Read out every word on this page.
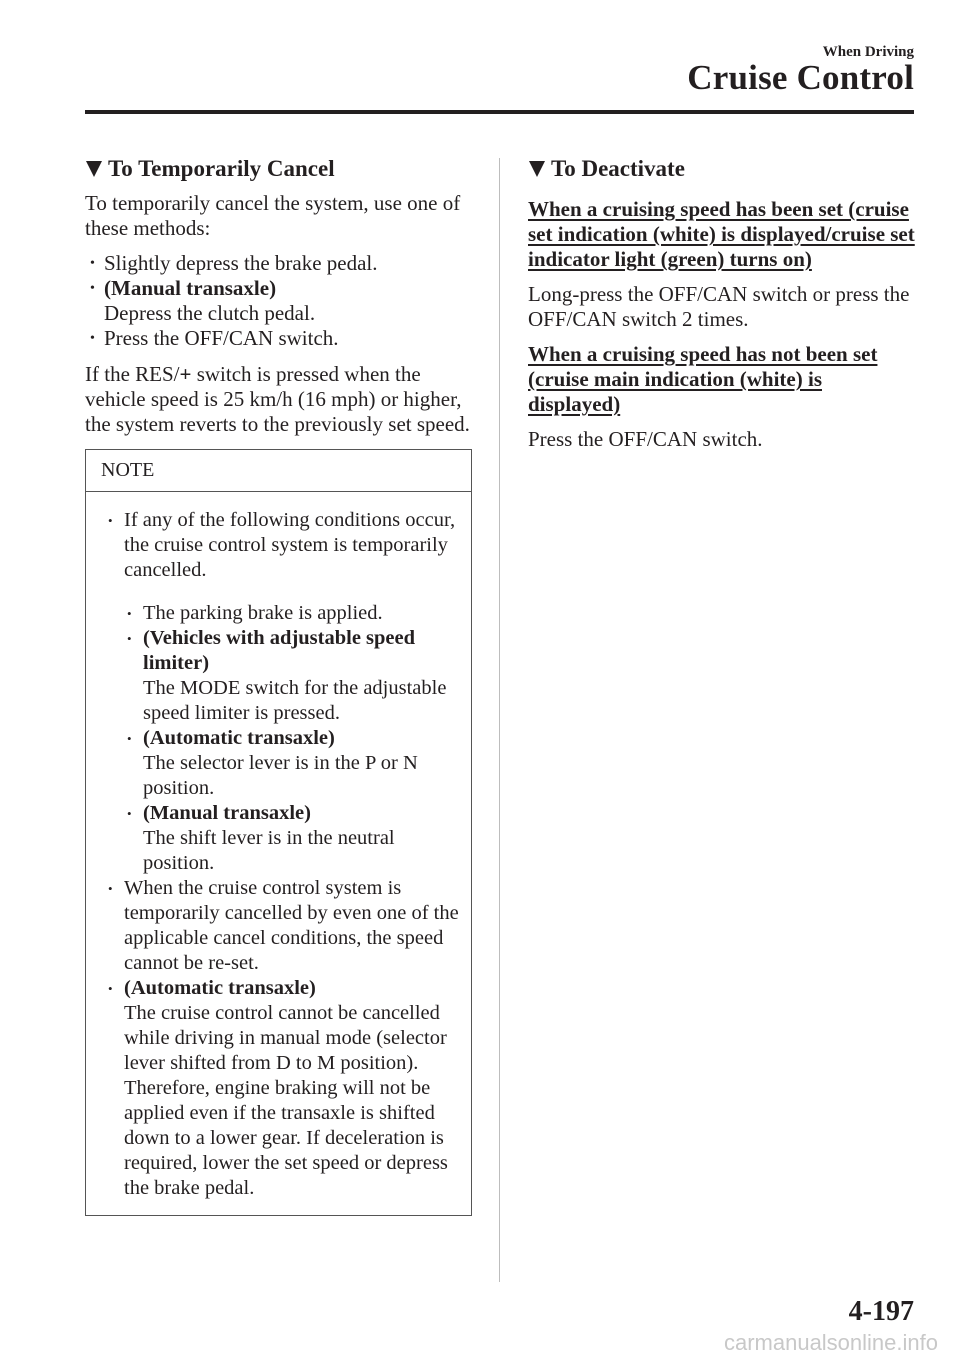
When Driving
Cruise Control
To Temporarily Cancel

To temporarily cancel the system, use one of these methods:

• Slightly depress the brake pedal.
• (Manual transaxle)
Depress the clutch pedal.
• Press the OFF/CAN switch.

If the RES/+ switch is pressed when the vehicle speed is 25 km/h (16 mph) or higher, the system reverts to the previously set speed.

NOTE
• If any of the following conditions occur, the cruise control system is temporarily cancelled.
• The parking brake is applied.
• (Vehicles with adjustable speed limiter)
The MODE switch for the adjustable speed limiter is pressed.
• (Automatic transaxle)
The selector lever is in the P or N position.
• (Manual transaxle)
The shift lever is in the neutral position.
• When the cruise control system is temporarily cancelled by even one of the applicable cancel conditions, the speed cannot be re-set.
• (Automatic transaxle)
The cruise control cannot be cancelled while driving in manual mode (selector lever shifted from D to M position). Therefore, engine braking will not be applied even if the transaxle is shifted down to a lower gear. If deceleration is required, lower the set speed or depress the brake pedal.
To Deactivate

When a cruising speed has been set (cruise set indication (white) is displayed/cruise set indicator light (green) turns on)

Long-press the OFF/CAN switch or press the OFF/CAN switch 2 times.

When a cruising speed has not been set (cruise main indication (white) is displayed)

Press the OFF/CAN switch.

4-197
carmanualsonline.info
